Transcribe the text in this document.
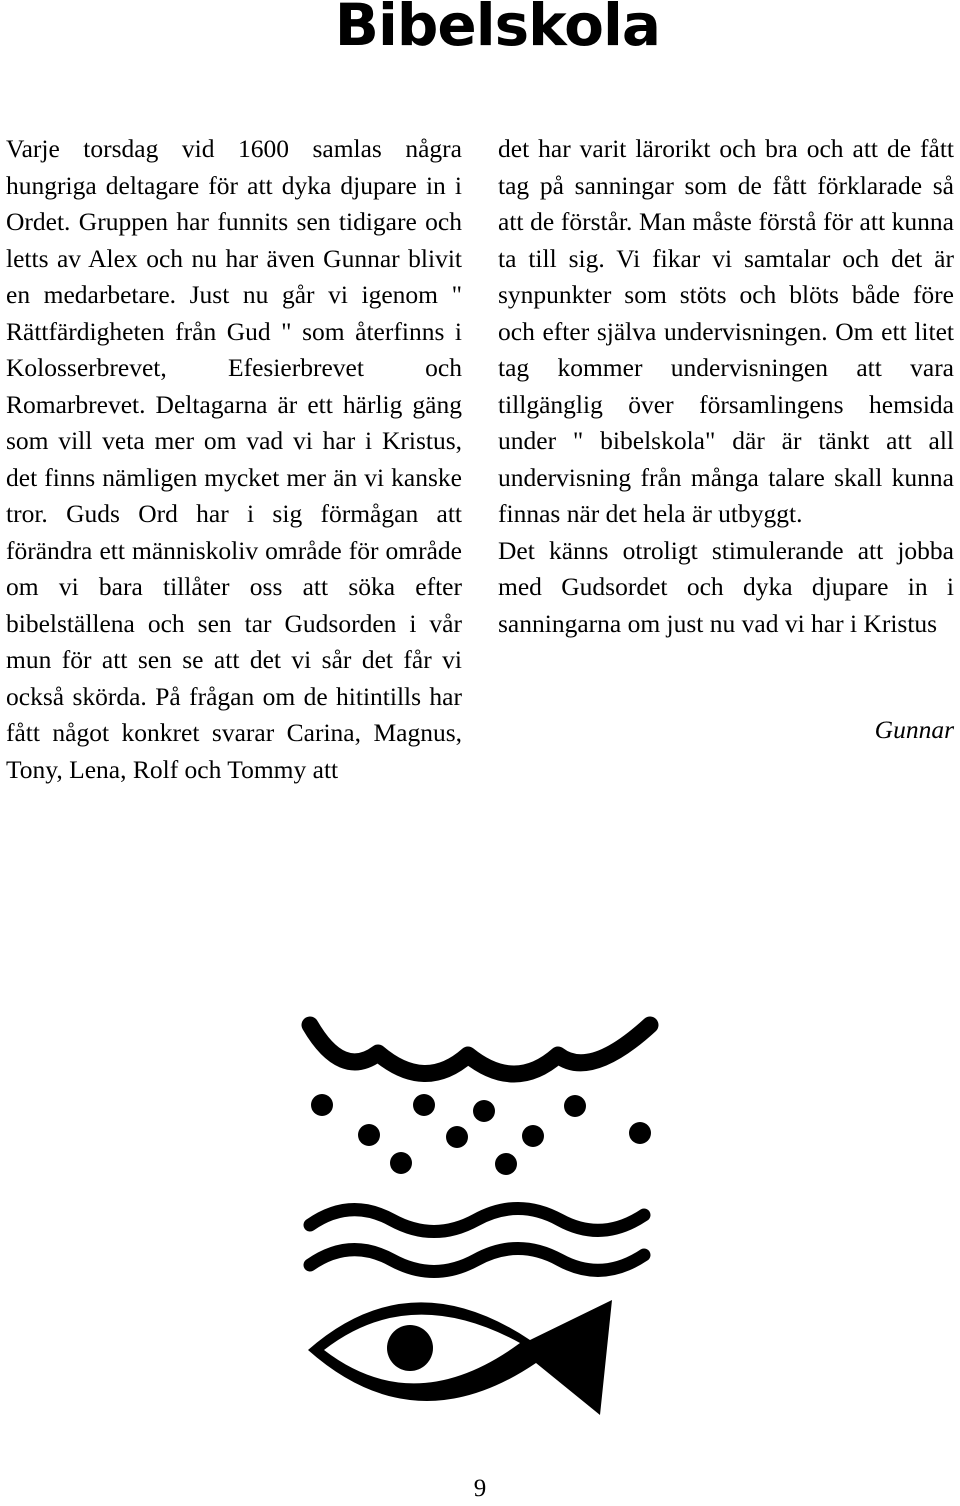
Bibelskola

Varje torsdag vid 1600 samlas några hungriga deltagare för att dyka djupare in i Ordet. Gruppen har funnits sen tidigare och letts av Alex och nu har även Gunnar blivit en medarbetare. Just nu går vi igenom " Rättfärdigheten från Gud " som återfinns i Kolosserbrevet, Efesierbrevet och Romarbrevet. Deltagarna är ett härlig gäng som vill veta mer om vad vi har i Kristus, det finns nämligen mycket mer än vi kanske tror. Guds Ord har i sig förmågan att förändra ett människoliv område för område om vi bara tillåter oss att söka efter bibelställena och sen tar Gudsorden i vår mun för att sen se att det vi sår det får vi också skörda. På frågan om de hitintills har fått något konkret svarar Carina, Magnus, Tony, Lena, Rolf och Tommy att

det har varit lärorikt och bra och att de fått tag på sanningar som de fått förklarade så att de förstår. Man måste förstå för att kunna ta till sig. Vi fikar vi samtalar och det är synpunkter som stöts och blöts både före och efter själva undervisningen. Om ett litet tag kommer undervisningen att vara tillgänglig över församlingens hemsida under " bibelskola" där är tänkt att all undervisning från många talare skall kunna finnas när det hela är utbyggt.

Det känns otroligt stimulerande att jobba med Gudsordet och dyka djupare in i sanningarna om just nu vad vi har i Kristus

Gunnar

9
